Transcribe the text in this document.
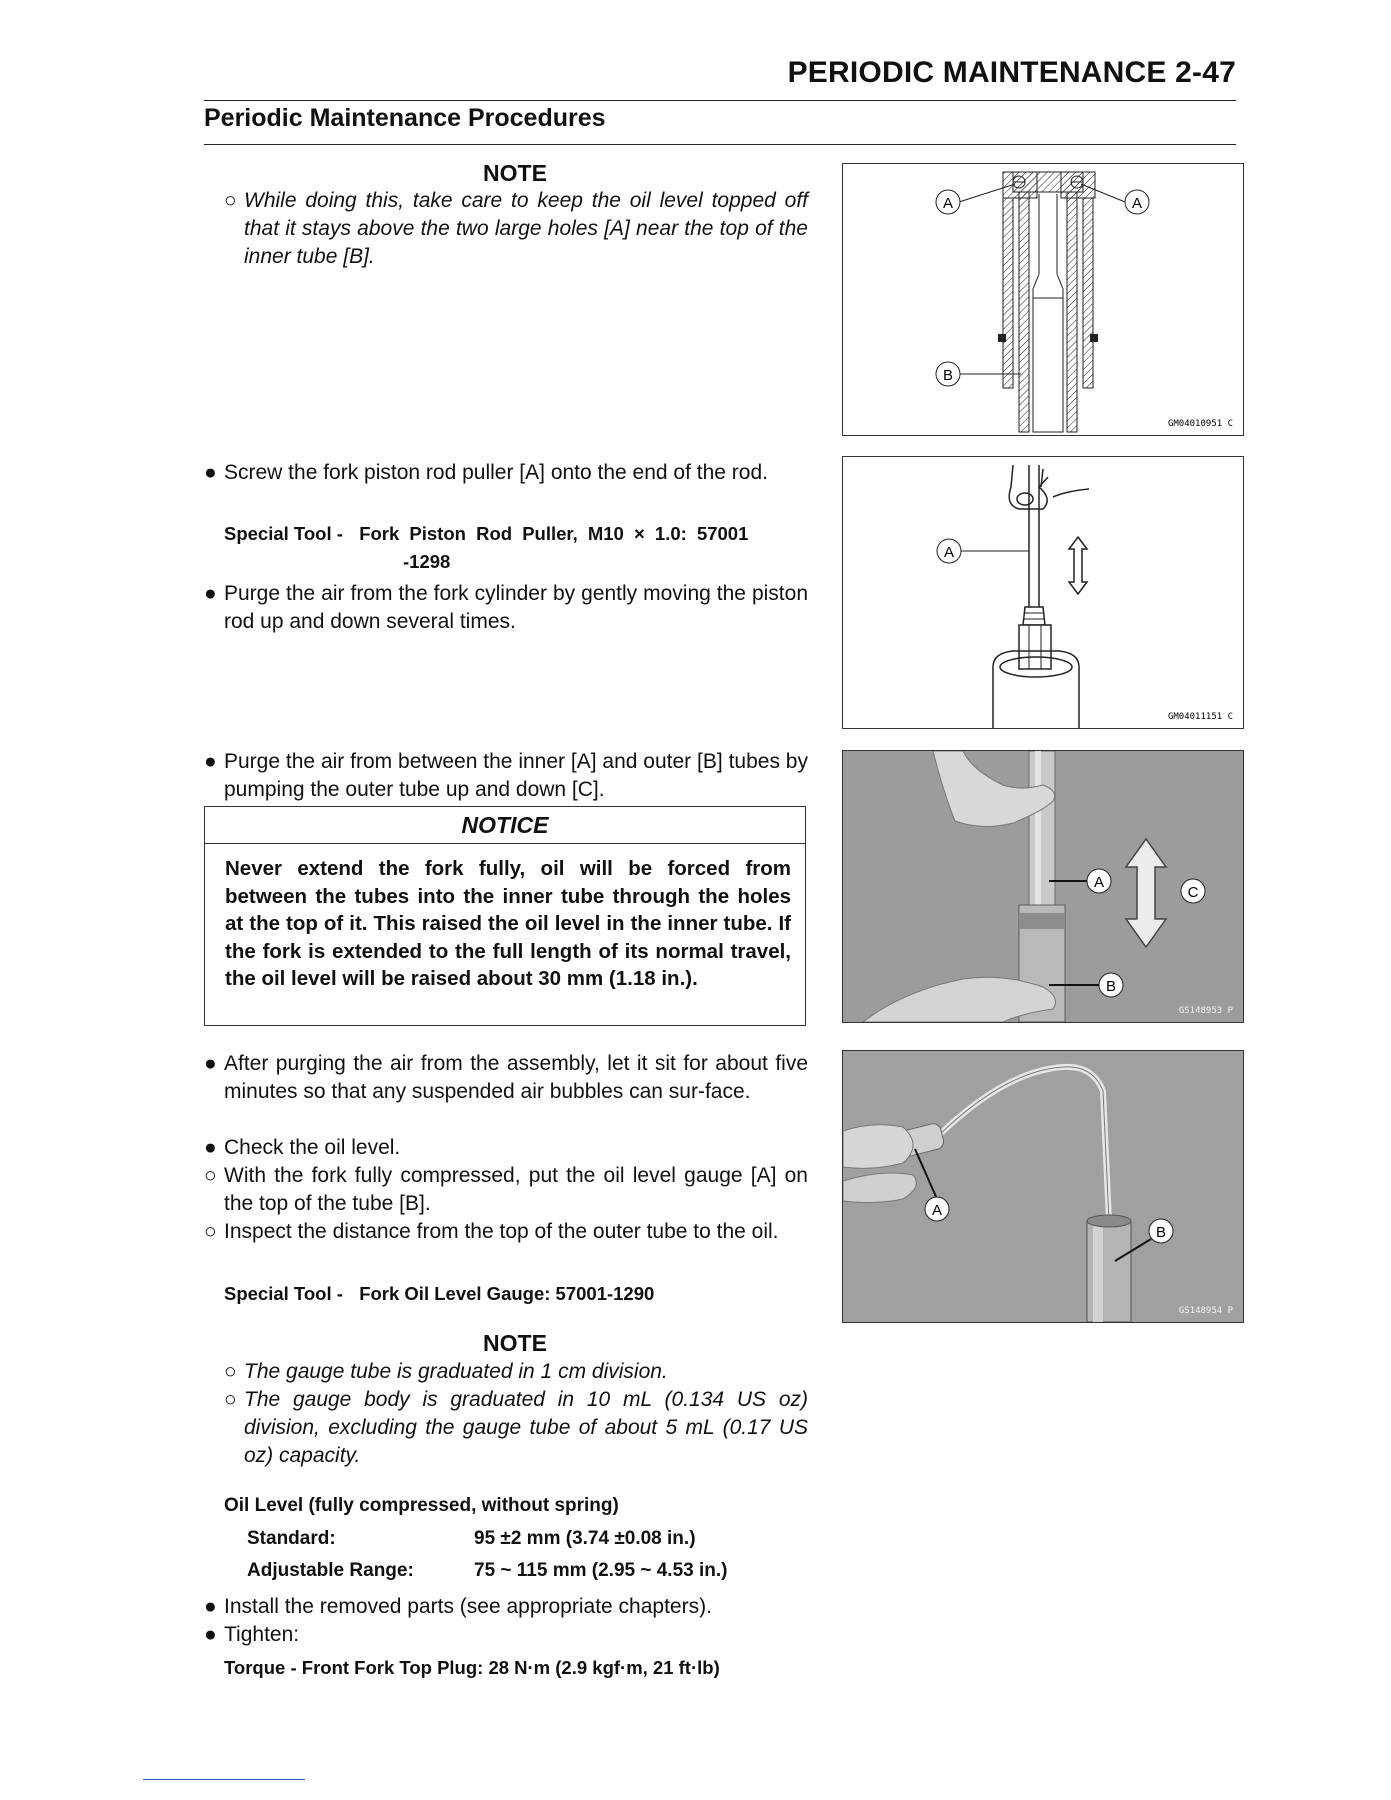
PERIODIC MAINTENANCE 2-47
Periodic Maintenance Procedures
NOTE
○ While doing this, take care to keep the oil level topped off that it stays above the two large holes [A] near the top of the inner tube [B].
● Screw the fork piston rod puller [A] onto the end of the rod.
Special Tool - Fork Piston Rod Puller, M10 × 1.0: 57001
-1298
● Purge the air from the fork cylinder by gently moving the piston rod up and down several times.
● Purge the air from between the inner [A] and outer [B] tubes by pumping the outer tube up and down [C].
NOTICE
Never extend the fork fully, oil will be forced from between the tubes into the inner tube through the holes at the top of it. This raised the oil level in the inner tube. If the fork is extended to the full length of its normal travel, the oil level will be raised about 30 mm (1.18 in.).
● After purging the air from the assembly, let it sit for about five minutes so that any suspended air bubbles can sur-face.
● Check the oil level.
○ With the fork fully compressed, put the oil level gauge [A] on the top of the tube [B].
○ Inspect the distance from the top of the outer tube to the oil.
Special Tool - Fork Oil Level Gauge: 57001-1290
NOTE
○ The gauge tube is graduated in 1 cm division.
○ The gauge body is graduated in 10 mL (0.134 US oz) division, excluding the gauge tube of about 5 mL (0.17 US oz) capacity.
Oil Level (fully compressed, without spring)
Standard:	95 ±2 mm (3.74 ±0.08 in.)
Adjustable Range:	75 ~ 115 mm (2.95 ~ 4.53 in.)
● Install the removed parts (see appropriate chapters).
● Tighten:
Torque - Front Fork Top Plug: 28 N·m (2.9 kgf·m, 21 ft·lb)
A	A
B
GM04010951 C
A
GM04011151 C
A
B
C
GS148953 P
A
B
GS148954 P
